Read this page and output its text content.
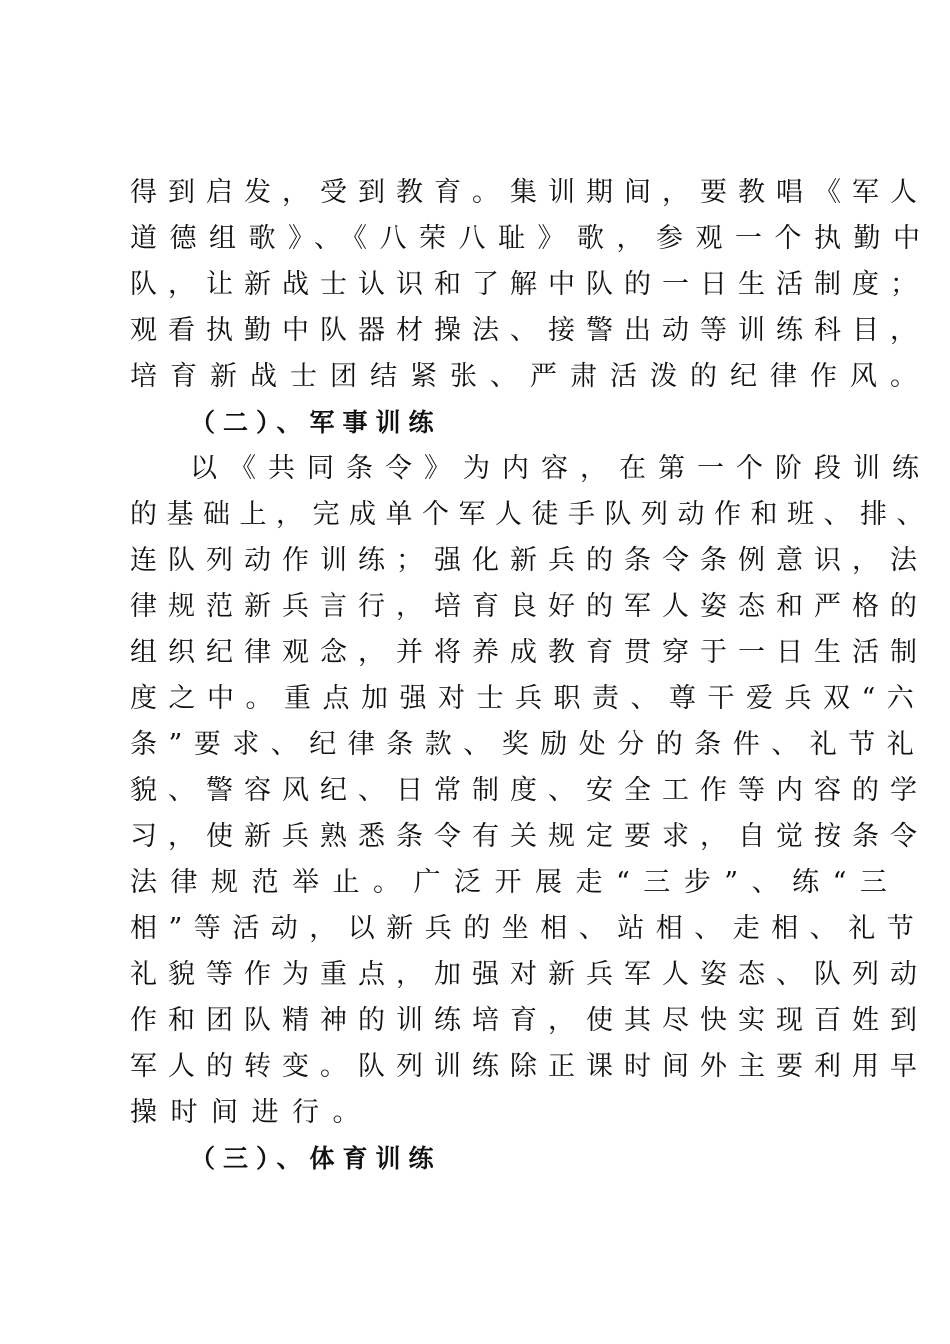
得到启发，受到教育。集训期间，要教唱《军人
道德组歌》、《八荣八耻》歌，参观一个执勤中
队，让新战士认识和了解中队的一日生活制度；
观看执勤中队器材操法、接警出动等训练科目，
培育新战士团结紧张、严肃活泼的纪律作风。
（二）、军事训练
以《共同条令》为内容，在第一个阶段训练
的基础上，完成单个军人徒手队列动作和班、排、
连队列动作训练；强化新兵的条令条例意识，法
律规范新兵言行，培育良好的军人姿态和严格的
组织纪律观念，并将养成教育贯穿于一日生活制
度之中。重点加强对士兵职责、尊干爱兵双“六
条”要求、纪律条款、奖励处分的条件、礼节礼
貌、警容风纪、日常制度、安全工作等内容的学
习，使新兵熟悉条令有关规定要求，自觉按条令
法律规范举止。广泛开展走“三步”、练“三
相”等活动，以新兵的坐相、站相、走相、礼节
礼貌等作为重点，加强对新兵军人姿态、队列动
作和团队精神的训练培育，使其尽快实现百姓到
军人的转变。队列训练除正课时间外主要利用早
操时间进行。
（三）、体育训练
